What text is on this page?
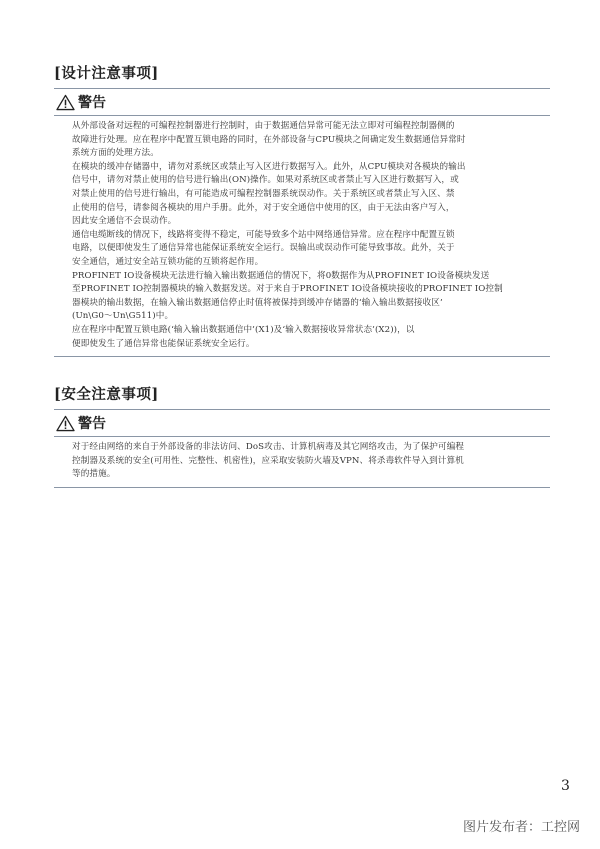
[设计注意事项]
警告

从外部设备对远程的可编程控制器进行控制时，由于数据通信异常可能无法立即对可编程控制器侧的

故障进行处理。应在程序中配置互锁电路的同时，在外部设备与CPU模块之间确定发生数据通信异常时

系统方面的处理方法。

在模块的缓冲存储器中，请勿对系统区或禁止写入区进行数据写入。此外，从CPU模块对各模块的输出

信号中，请勿对禁止使用的信号进行输出(ON)操作。如果对系统区或者禁止写入区进行数据写入，或

对禁止使用的信号进行输出，有可能造成可编程控制器系统误动作。关于系统区或者禁止写入区、禁

止使用的信号，请参阅各模块的用户手册。此外，对于安全通信中使用的区，由于无法由客户写入，

因此安全通信不会误动作。

通信电缆断线的情况下，线路将变得不稳定，可能导致多个站中网络通信异常。应在程序中配置互锁

电路，以便即使发生了通信异常也能保证系统安全运行。误输出或误动作可能导致事故。此外，关于

安全通信，通过安全站互锁功能的互锁将起作用。

PROFINET IO设备模块无法进行输入输出数据通信的情况下，将0数据作为从PROFINET IO设备模块发送

至PROFINET IO控制器模块的输入数据发送。对于来自于PROFINET IO设备模块接收的PROFINET IO控制

器模块的输出数据，在输入输出数据通信停止时值将被保持到缓冲存储器的‘输入输出数据接收区’

(Un\G0～Un\G511)中。

应在程序中配置互锁电路(‘输入输出数据通信中’(X1)及‘输入数据接收异常状态’(X2))，以

便即使发生了通信异常也能保证系统安全运行。

[安全注意事项]
警告

对于经由网络的来自于外部设备的非法访问、DoS攻击、计算机病毒及其它网络攻击，为了保护可编程

控制器及系统的安全(可用性、完整性、机密性)，应采取安装防火墙及VPN、将杀毒软件导入到计算机

等的措施。

3
图片发布者：工控网
